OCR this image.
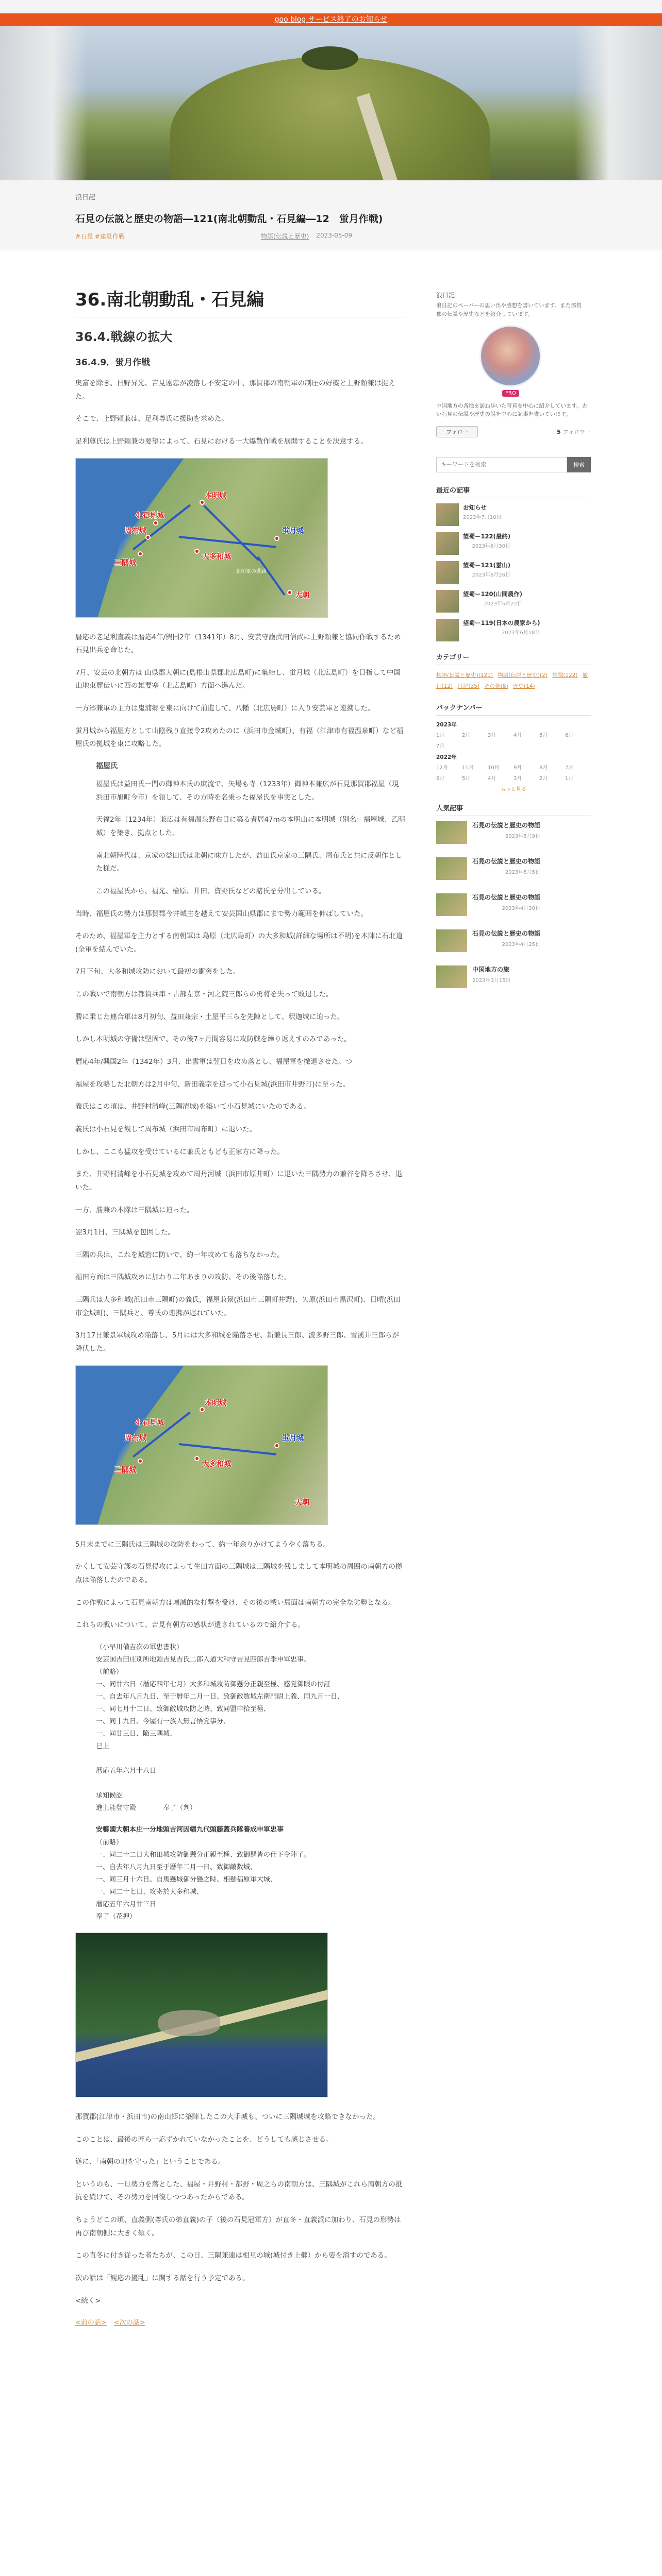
goo blog サービス終了のお知らせ
浪日記
石見の伝説と歴史の物語―121(南北朝動乱・石見編―12　蛍月作戦)
#石見 #遠見作戦	物語(伝説と歴史) 2023-05-09
36.南北朝動乱・石見編
36.4.戦線の拡大
36.4.9．蛍月作戦

奥富を除き、日野昇光、吉見遠忠が凌落し不安定の中、那賀郡の南朝軍の制圧の好機と上野頼兼は捉えた。

そこで、上野頼兼は、足利尊氏に援助を求めた。

足利尊氏は上野頼兼の要望によって、石見における一大爆散作戦を展開することを決意する。

本明城
小石見城
周布城
三隅城
大多和城
蛍月城
大朝
北朝軍の進路

暦応の老足利直義は暦応4年/興国2年（1341年）8月、安芸守護武田信武に上野頼兼と協同作戦するため石見出兵を命じた。

7月、安芸の北朝方は 山県郡大朝に(島根山県郡北広島町)に集結し、蛍月城（北広島町）を目指して中国山地東麓伝いに西の雄要塞（北広島町）方面へ進んだ。

一方郷兼軍の主力は鬼浦郷を東に向けて前進して、八幡（北広島町）に入り安芸軍と連携した。

蛍月城から福屋方として山陰残り直接令2攻めたのに（浜田市金城町）、有福（江津市有福温泉町）など福屋氏の拠城を東に攻略した。

福屋氏

福屋氏は益田氏一門の御神本氏の庶流で、矢場も寺（1233年）御神本兼広が石見那賀郡福屋（現浜田市旭町今市）を領して、その方時を名乗った福屋氏を事実とした。

天福2年（1234年）兼広は有福温泉野右目に築る者居47mの本明山に本明城（別名：福屋城、乙明城）を築き、拠点とした。

南北朝時代は、京家の益田氏は北朝に味方したが、益田氏京家の三隅氏、周布氏と共に反朝作とした様だ。

この福屋氏から、福光、檜原、井田、資野氏などの諸氏を分出している。

当時、福屋氏の勢力は那賀郡今井城主を越えて安芸国山県郡にまで勢力範囲を伸ばしていた。

そのため、福屋軍を主力とする南朝軍は 島原（北広島町）の大多和城(詳細な場所は不明)を本陣に石北道(全軍を結んでいた。

7月下旬、大多和城攻防において最初の衝突をした。

この戦いで南朝方は都賀兵庫・古部左京・河之院三郎らの勇将を失って敗退した。

勝に乗じた連合軍は8月初旬、益田兼宗・土屋平三らを先陣として、釈迦城に迫った。

しかし本明城の守備は堅固で、その後7ヶ月間容易に攻防戦を繰り返えすのみであった。

暦応4年/興国2年（1342年）3月、出雲軍は翌日を攻め落とし、福屋軍を撤退させた。つ

福屋を攻略した北朝方は2月中旬、新田義宗を追って小石見城(浜田市井野町)に至った。

義氏はこの頃は、井野村清峰(三隅清城)を築いて小石見城にいたのである。

義氏は小石見を観して周布城（浜田市周布町）に退いた。

しかし、ここも猛攻を受けているに兼氏ともども正家方に降った。

また、井野村清峰を小石見城を攻めて周丹河城（浜田市原井町）に退いた三隅勢力の兼谷を降ろさせ、退いた。

一方、勝兼の本隊は三隅城に迫った。

翌3月1日、三隅城を包囲した。

三隅の兵は、これを城砦に防いで、約一年攻めても落ちなかった。

福田方面は三隅城攻めに加わり二年あまりの攻防、その後陥落した。

三隅兵は大多和城(浜田市三隅町)の義氏，福屋兼景(浜田市三隅町井野)、矢原(浜田市黒沢町)、日晴(浜田市金城町)、三隅兵と、尊氏の連携が遅れていた。

3月17日兼景軍城攻め陥落し、5月には大多和城を陥落させ、新兼長三郎、波多野三郎、雪溪井三郎らが降伏した。

本明城
小石見城
周布城
三隅城
大多和城
蛍月城
大朝

5月末までに三隅氏は三隅城の攻防をわって、約一年余りかけてようやく落ちる。

かくして安芸守護の石見侵攻によって生田方面の三隅城は三隅城を残しまして本明城の周囲の南朝方の拠点は陥落したのである。

この作戦によって石見南朝方は壊滅的な打撃を受け、その後の戦い局面は南朝方の完全な劣勢となる。

これらの戦いについて、吉見有朝方の感状が遺されているので紹介する。

（小早川備吉次の軍忠書状）
安芸国吉田庄別所地頭吉見吉氏二郎入道大和守吉見四郎吉季申軍忠事、
（前略）
一、同廿六日（暦応四年七月）大多和城攻防御懸分正親至極、感覚御眼の付証
一、自去年八月九日、至于暦年二月一日、致御敵数城左衛門尉上義、同九月一日、
一、同七月十二日、致御敵城攻防之時、致同盟申拾至極、
一、同十九日、今屋有一族人無言悟覚事分、
一、同廿三日、陥三隅城、
巳上

暦応五年六月十八日

承知候訖
進上能登守殿　　　　奉了（判）
安藝國大朝本庄一分地頭吉河因幡九代頭藤蓋兵隊養成申軍忠事
（前略）
一、同二十二日大和田城攻防御懸分正親至極、致御懸皆の仕下令陣了。
一、自去年八月九日至于暦年二月一日、致御敵数城、
一、同三月十六日、自馬懸城御分懸之時、相懸福原軍大城、
一、同二十七日、攻寄於大多和城、
曆応五年六月廿三日
奉了（花押）

那賀郡(江津市・浜田市)の南山郷に築陣したこの大手城も、ついに三隅城城を攻略できなかった。

このことは、最後の匠ら一応ずかれていなかったことを、どうしても感じさせる。

遂に、「南朝の地を守った」ということである。

というのも、一旦勢力を落とした、福屋・井野村・都野・周之らの南朝方は、三隅城がこれら南朝方の抵抗を続けて、その勢力を回復しつつあったからである。

ちょうどこの頃、直義側(尊氏の弟直義)の子（後の石見冠軍方）が直冬・直義派に加わり、石見の形勢は再び南朝側に大きく傾く。

この直冬に付き従った者たちが、この日、三隅兼連は相互の城(城付き上郷）から姿を消すのである。

次の話は「観応の擾乱」に関する話を行う予定である。

<続く>

<前の話> <次の話>
浪日記
浪日記のペーパーの思い出や感想を書いています。また那賀郡の伝説や歴史などを紹介しています。
PRO
中国地方の各地を訪ね歩いた写真を中心に紹介しています。古い石見の伝説や歴史の話を中心に記事を書いています。
フォロー	5 フォロワー
キーワードを検索
検索
最近の記事
お知らせ
2023年7月10日
望蜀ー122(最終)
2023年6月30日
望蜀ー121(雲山)
2023年6月26日
望蜀ー120(山間農作)
2023年6月22日
望蜀ー119(日本の農家から)
2023年6月18日
カテゴリー
物語(伝説と歴史)(121) 物語(伝説と歴史)(2) 望蜀(122) 旅行(12) 日記(35) その他(8) 歴史(14)
バックナンバー
2023年
1月	2月	3月	4月	5月	6月
7月
2022年
12月	11月	10月	9月	8月	7月
6月	5月	4月	3月	2月	1月
もっと見る
人気記事
石見の伝説と歴史の物語
2023年5月9日
石見の伝説と歴史の物語
2023年5月5日
石見の伝説と歴史の物語
2023年4月30日
石見の伝説と歴史の物語
2023年4月25日
中国地方の旅
2023年3月15日
